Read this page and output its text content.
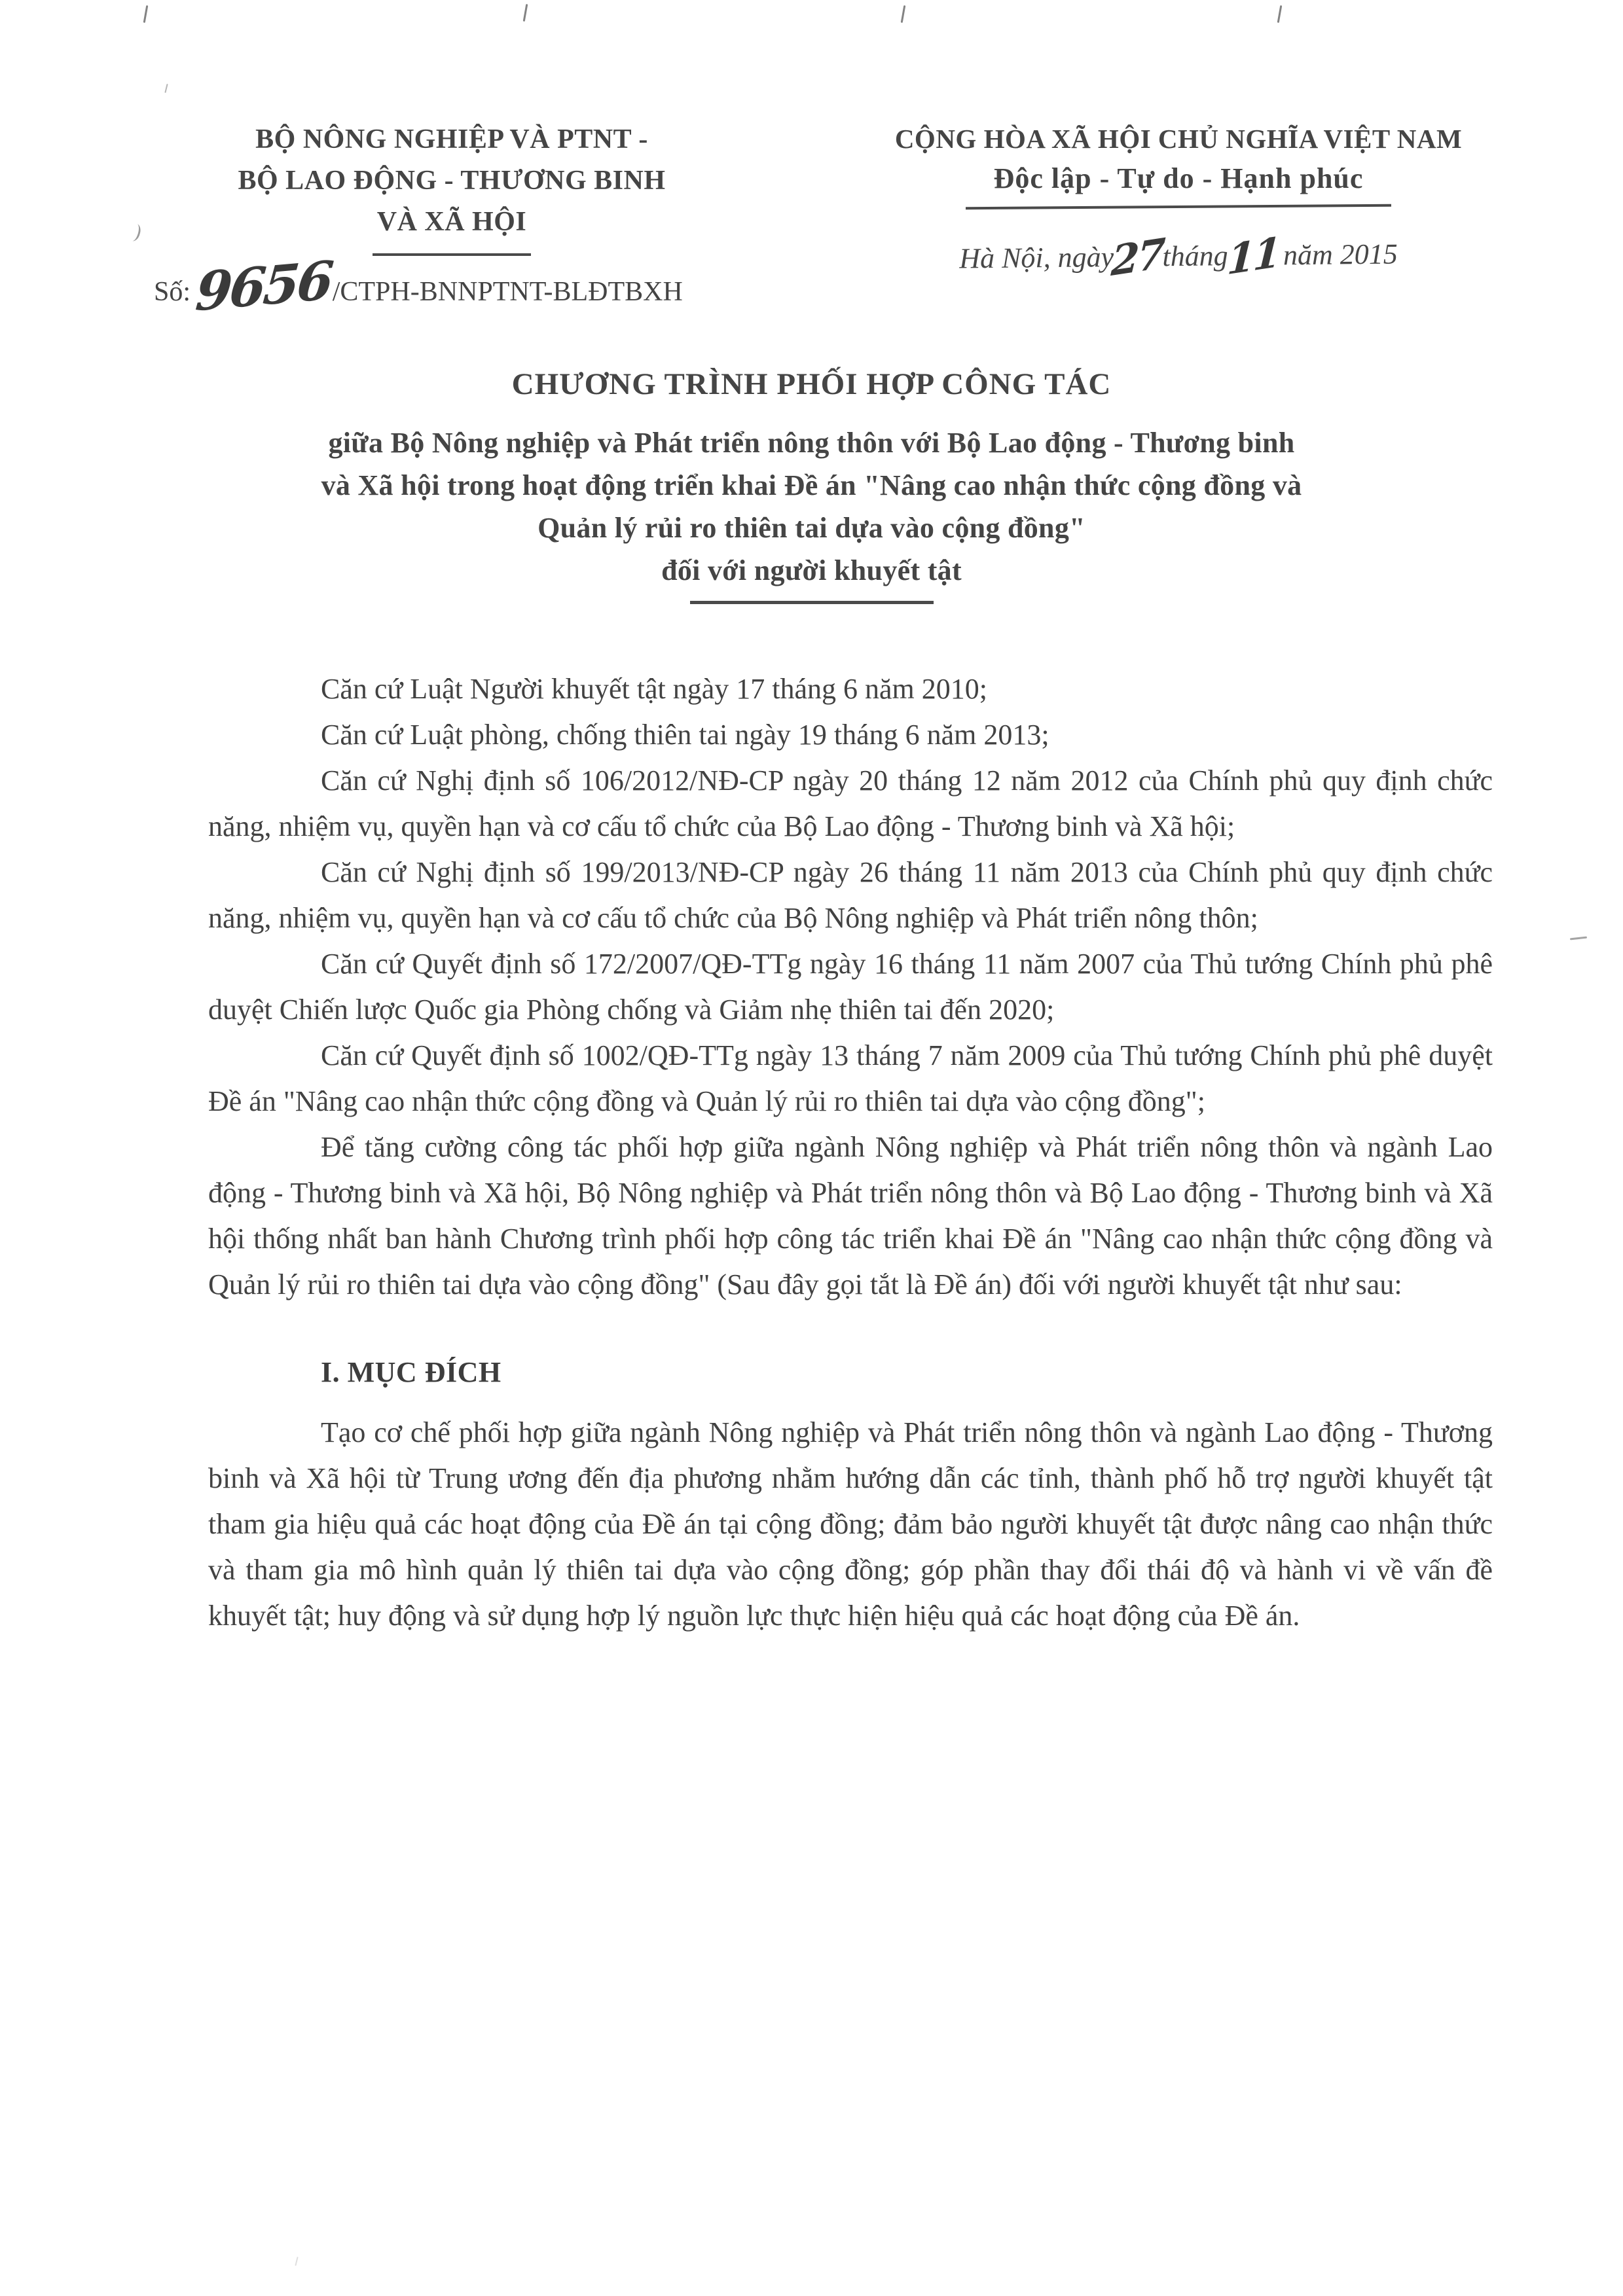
BỘ NÔNG NGHIỆP VÀ PTNT -
BỘ LAO ĐỘNG - THƯƠNG BINH
VÀ XÃ HỘI
Số:9656/CTPH-BNNPTNT-BLĐTBXH
CỘNG HÒA XÃ HỘI CHỦ NGHĨA VIỆT NAM
Độc lập - Tự do - Hạnh phúc
Hà Nội, ngày27tháng11năm 2015
CHƯƠNG TRÌNH PHỐI HỢP CÔNG TÁC
giữa Bộ Nông nghiệp và Phát triển nông thôn với Bộ Lao động - Thương binh
và Xã hội trong hoạt động triển khai Đề án "Nâng cao nhận thức cộng đồng và
Quản lý rủi ro thiên tai dựa vào cộng đồng"
đối với người khuyết tật

Căn cứ Luật Người khuyết tật ngày 17 tháng 6 năm 2010;

Căn cứ Luật phòng, chống thiên tai ngày 19 tháng 6 năm 2013;

Căn cứ Nghị định số 106/2012/NĐ-CP ngày 20 tháng 12 năm 2012 của Chính phủ quy định chức năng, nhiệm vụ, quyền hạn và cơ cấu tổ chức của Bộ Lao động - Thương binh và Xã hội;

Căn cứ Nghị định số 199/2013/NĐ-CP ngày 26 tháng 11 năm 2013 của Chính phủ quy định chức năng, nhiệm vụ, quyền hạn và cơ cấu tổ chức của Bộ Nông nghiệp và Phát triển nông thôn;

Căn cứ Quyết định số 172/2007/QĐ-TTg ngày 16 tháng 11 năm 2007 của Thủ tướng Chính phủ phê duyệt Chiến lược Quốc gia Phòng chống và Giảm nhẹ thiên tai đến 2020;

Căn cứ Quyết định số 1002/QĐ-TTg ngày 13 tháng 7 năm 2009 của Thủ tướng Chính phủ phê duyệt Đề án "Nâng cao nhận thức cộng đồng và Quản lý rủi ro thiên tai dựa vào cộng đồng";

Để tăng cường công tác phối hợp giữa ngành Nông nghiệp và Phát triển nông thôn và ngành Lao động - Thương binh và Xã hội, Bộ Nông nghiệp và Phát triển nông thôn và Bộ Lao động - Thương binh và Xã hội thống nhất ban hành Chương trình phối hợp công tác triển khai Đề án "Nâng cao nhận thức cộng đồng và Quản lý rủi ro thiên tai dựa vào cộng đồng" (Sau đây gọi tắt là Đề án) đối với người khuyết tật như sau:

I. MỤC ĐÍCH

Tạo cơ chế phối hợp giữa ngành Nông nghiệp và Phát triển nông thôn và ngành Lao động - Thương binh và Xã hội từ Trung ương đến địa phương nhằm hướng dẫn các tỉnh, thành phố hỗ trợ người khuyết tật tham gia hiệu quả các hoạt động của Đề án tại cộng đồng; đảm bảo người khuyết tật được nâng cao nhận thức và tham gia mô hình quản lý thiên tai dựa vào cộng đồng; góp phần thay đổi thái độ và hành vi về vấn đề khuyết tật; huy động và sử dụng hợp lý nguồn lực thực hiện hiệu quả các hoạt động của Đề án.
